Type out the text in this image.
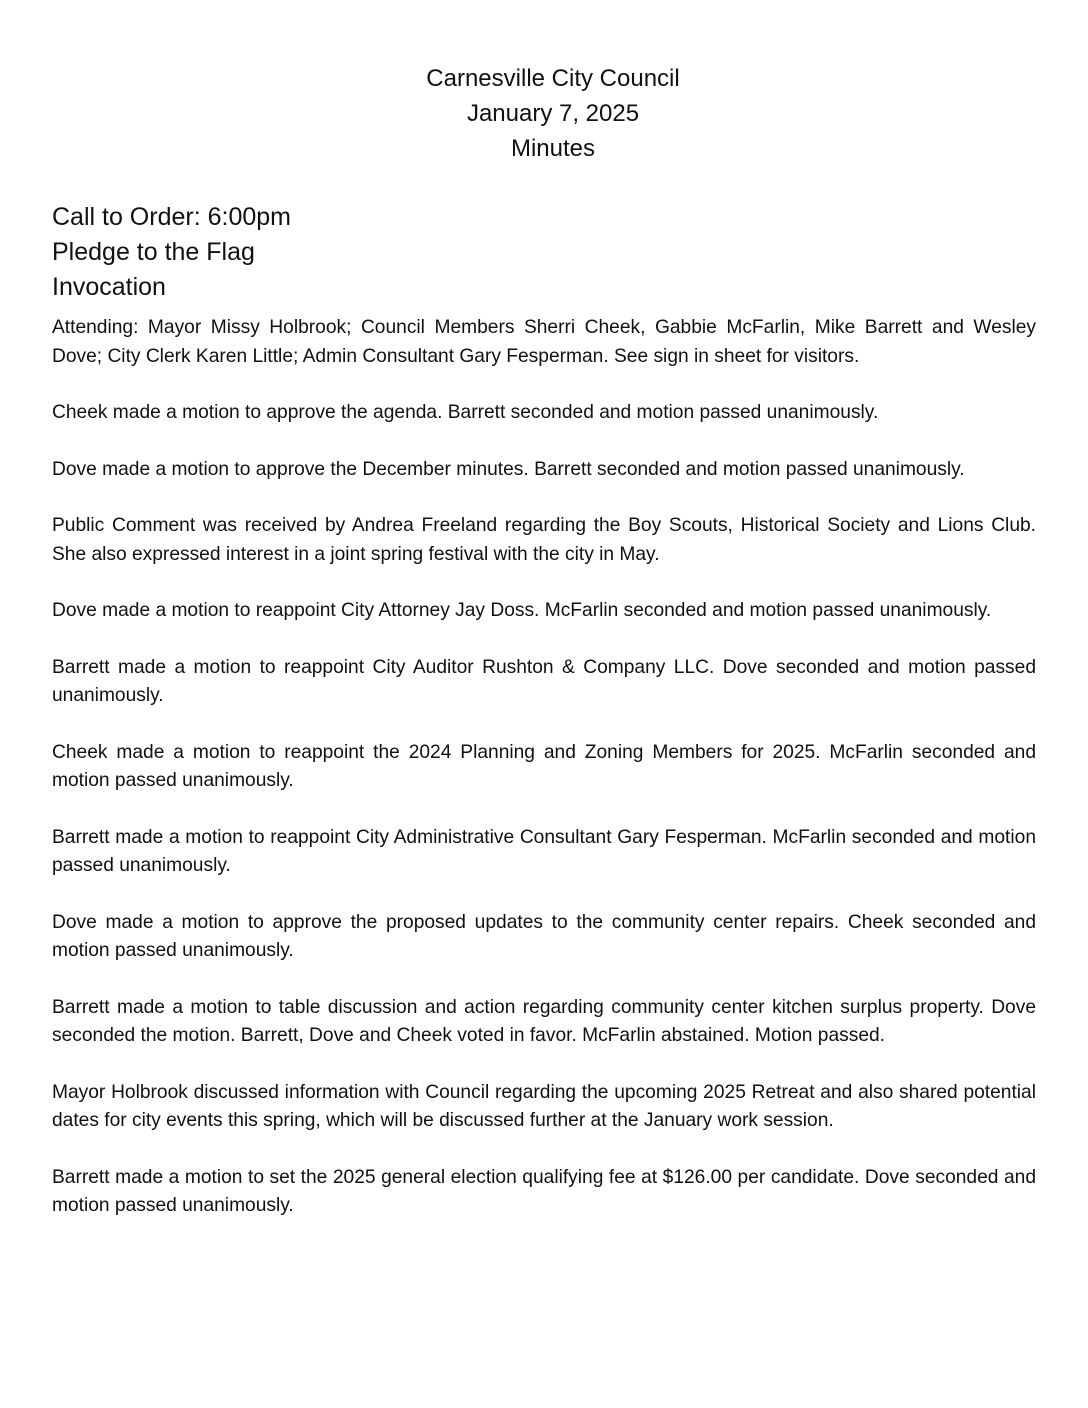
Carnesville City Council
January 7, 2025
Minutes
Call to Order: 6:00pm
Pledge to the Flag
Invocation

Attending: Mayor Missy Holbrook; Council Members Sherri Cheek, Gabbie McFarlin, Mike Barrett and Wesley Dove; City Clerk Karen Little; Admin Consultant Gary Fesperman. See sign in sheet for visitors.

Cheek made a motion to approve the agenda. Barrett seconded and motion passed unanimously.

Dove made a motion to approve the December minutes. Barrett seconded and motion passed unanimously.

Public Comment was received by Andrea Freeland regarding the Boy Scouts, Historical Society and Lions Club. She also expressed interest in a joint spring festival with the city in May.

Dove made a motion to reappoint City Attorney Jay Doss. McFarlin seconded and motion passed unanimously.

Barrett made a motion to reappoint City Auditor Rushton & Company LLC. Dove seconded and motion passed unanimously.

Cheek made a motion to reappoint the 2024 Planning and Zoning Members for 2025. McFarlin seconded and motion passed unanimously.

Barrett made a motion to reappoint City Administrative Consultant Gary Fesperman. McFarlin seconded and motion passed unanimously.

Dove made a motion to approve the proposed updates to the community center repairs. Cheek seconded and motion passed unanimously.

Barrett made a motion to table discussion and action regarding community center kitchen surplus property. Dove seconded the motion. Barrett, Dove and Cheek voted in favor. McFarlin abstained. Motion passed.

Mayor Holbrook discussed information with Council regarding the upcoming 2025 Retreat and also shared potential dates for city events this spring, which will be discussed further at the January work session.

Barrett made a motion to set the 2025 general election qualifying fee at $126.00 per candidate. Dove seconded and motion passed unanimously.
